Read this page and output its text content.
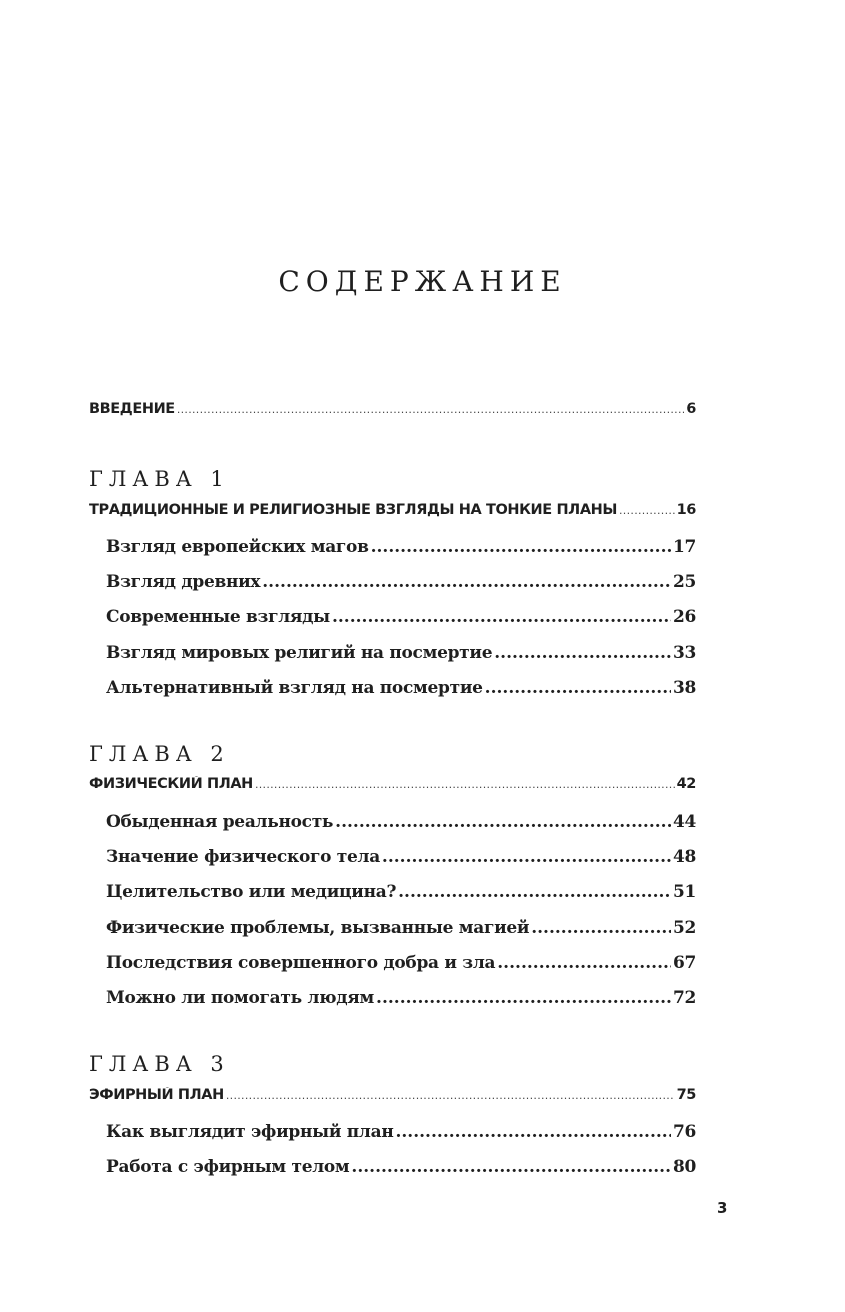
СОДЕРЖАНИЕ
ВВЕДЕНИЕ .....	6
ГЛАВА 1
ТРАДИЦИОННЫЕ И РЕЛИГИОЗНЫЕ ВЗГЛЯДЫ НА ТОНКИЕ ПЛАНЫ .....	16
Взгляд европейских магов .....	17
Взгляд древних .....	25
Современные взгляды .....	26
Взгляд мировых религий на посмертие .....	33
Альтернативный взгляд на посмертие .....	38
ГЛАВА 2
ФИЗИЧЕСКИЙ ПЛАН .....	42
Обыденная реальность .....	44
Значение физического тела .....	48
Целительство или медицина? .....	51
Физические проблемы, вызванные магией .....	52
Последствия совершенного добра и зла .....	67
Можно ли помогать людям .....	72
ГЛАВА 3
ЭФИРНЫЙ ПЛАН .....	75
Как выглядит эфирный план .....	76
Работа с эфирным телом .....	80
3
